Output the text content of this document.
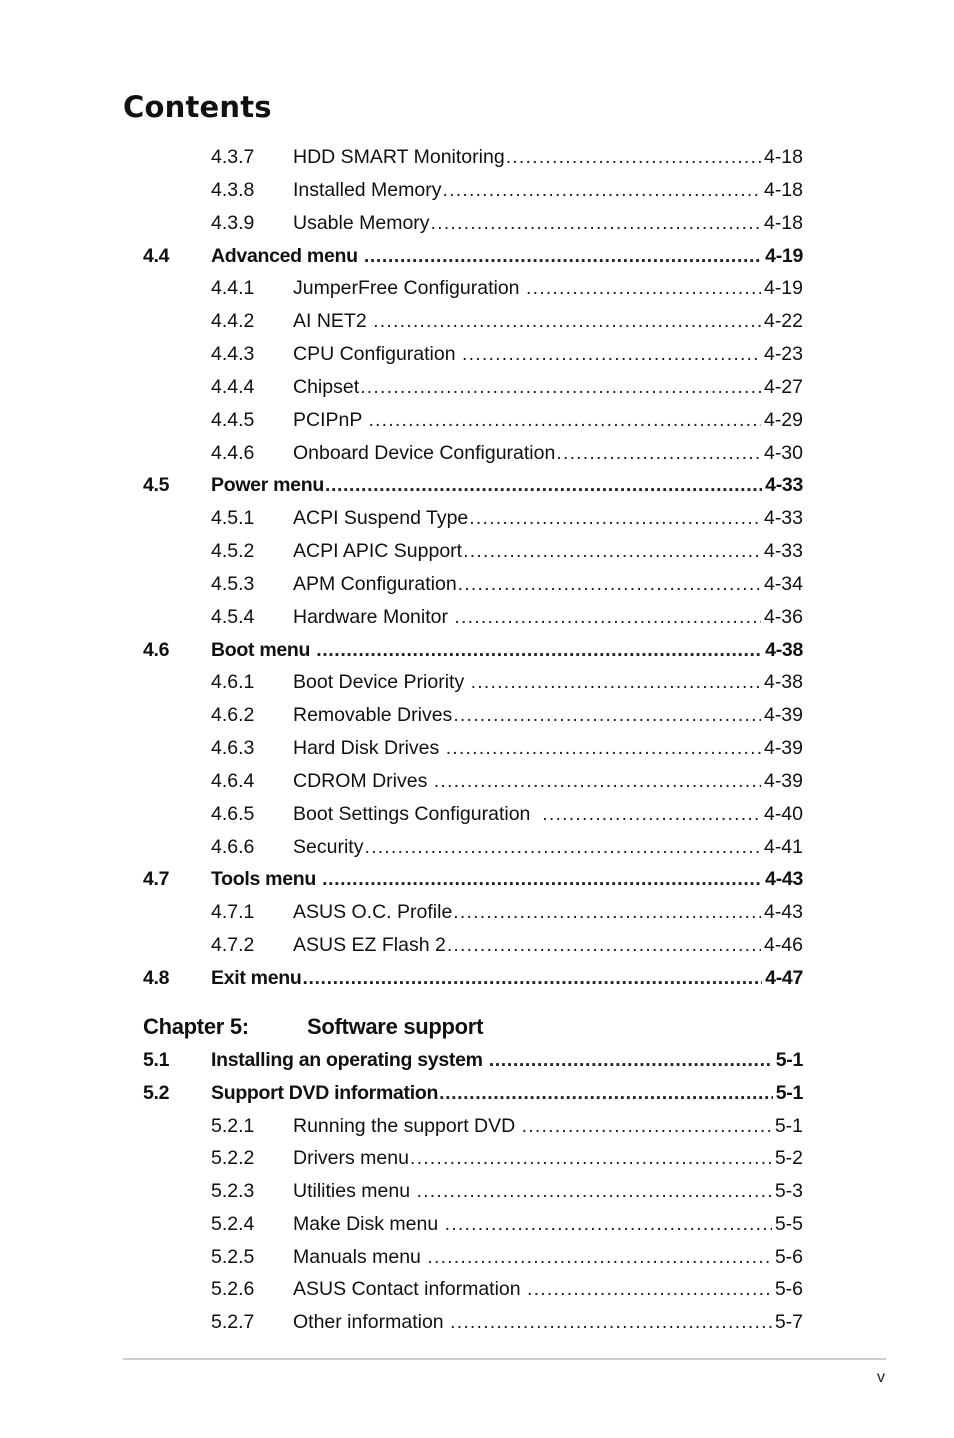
Contents
4.3.7 HDD SMART Monitoring .....	4-18
4.3.8 Installed Memory .....	4-18
4.3.9 Usable Memory .....	4-18
4.4 Advanced menu .....	4-19
4.4.1 JumperFree Configuration .....	4-19
4.4.2 AI NET2 .....	4-22
4.4.3 CPU Configuration .....	4-23
4.4.4 Chipset .....	4-27
4.4.5 PCIPnP .....	4-29
4.4.6 Onboard Device Configuration .....	4-30
4.5 Power menu .....	4-33
4.5.1 ACPI Suspend Type .....	4-33
4.5.2 ACPI APIC Support .....	4-33
4.5.3 APM Configuration .....	4-34
4.5.4 Hardware Monitor .....	4-36
4.6 Boot menu .....	4-38
4.6.1 Boot Device Priority .....	4-38
4.6.2 Removable Drives .....	4-39
4.6.3 Hard Disk Drives .....	4-39
4.6.4 CDROM Drives .....	4-39
4.6.5 Boot Settings Configuration .....	4-40
4.6.6 Security .....	4-41
4.7 Tools menu .....	4-43
4.7.1 ASUS O.C. Profile .....	4-43
4.7.2 ASUS EZ Flash 2 .....	4-46
4.8 Exit menu .....	4-47
5.1 Installing an operating system .....	5-1
5.2 Support DVD information .....	5-1
5.2.1 Running the support DVD .....	5-1
5.2.2 Drivers menu .....	5-2
5.2.3 Utilities menu .....	5-3
5.2.4 Make Disk menu .....	5-5
5.2.5 Manuals menu .....	5-6
5.2.6 ASUS Contact information .....	5-6
5.2.7 Other information .....	5-7
Chapter 5:	Software support
v
